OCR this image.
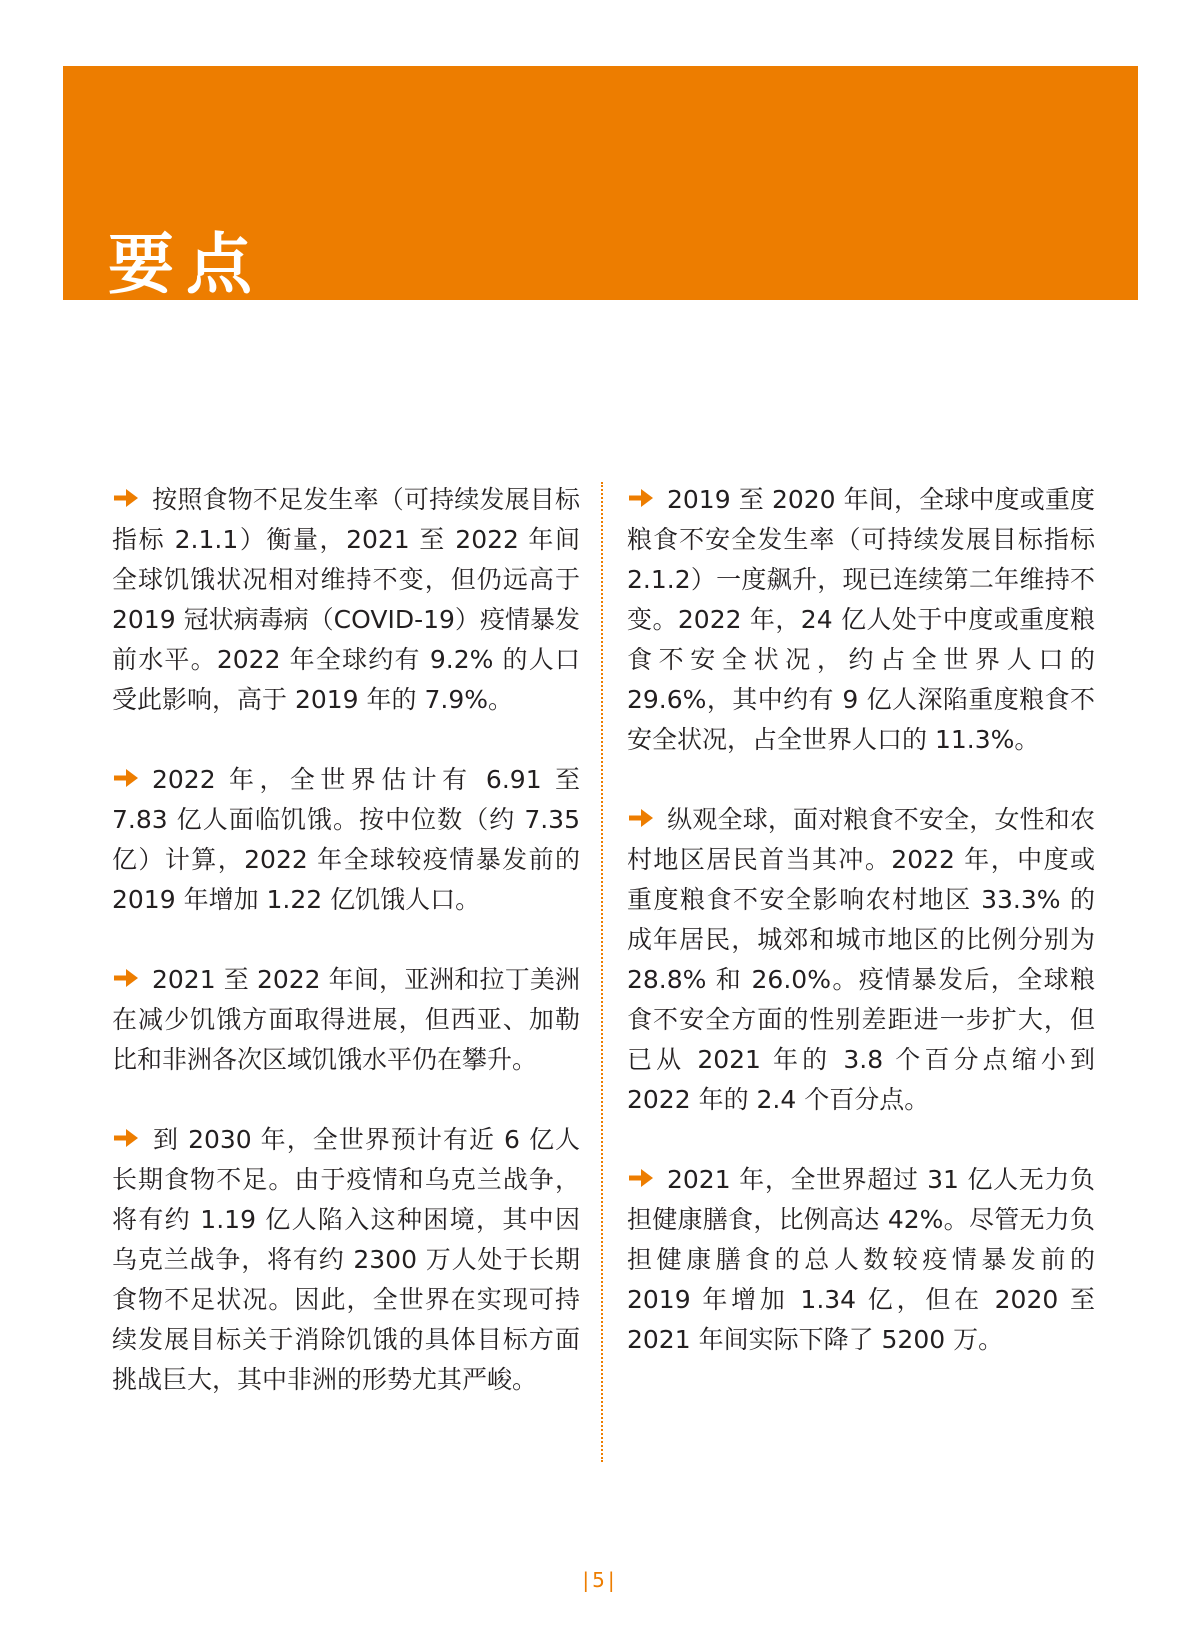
要点

按照食物不足发生率（可持续发展目标指标 2.1.1）衡量，2021 至 2022 年间全球饥饿状况相对维持不变，但仍远高于 2019 冠状病毒病（COVID-19）疫情暴发前水平。2022 年全球约有 9.2% 的人口受此影响，高于 2019 年的 7.9%。

2022 年，全世界估计有 6.91 至 7.83 亿人面临饥饿。按中位数（约 7.35 亿）计算，2022 年全球较疫情暴发前的 2019 年增加 1.22 亿饥饿人口。

2021 至 2022 年间，亚洲和拉丁美洲在减少饥饿方面取得进展，但西亚、加勒比和非洲各次区域饥饿水平仍在攀升。

到 2030 年，全世界预计有近 6 亿人长期食物不足。由于疫情和乌克兰战争，将有约 1.19 亿人陷入这种困境，其中因乌克兰战争，将有约 2300 万人处于长期食物不足状况。因此，全世界在实现可持续发展目标关于消除饥饿的具体目标方面挑战巨大，其中非洲的形势尤其严峻。

2019 至 2020 年间，全球中度或重度粮食不安全发生率（可持续发展目标指标 2.1.2）一度飙升，现已连续第二年维持不变。2022 年，24 亿人处于中度或重度粮食不安全状况，约占全世界人口的 29.6%，其中约有 9 亿人深陷重度粮食不安全状况，占全世界人口的 11.3%。

纵观全球，面对粮食不安全，女性和农村地区居民首当其冲。2022 年，中度或重度粮食不安全影响农村地区 33.3% 的成年居民，城郊和城市地区的比例分别为 28.8% 和 26.0%。疫情暴发后，全球粮食不安全方面的性别差距进一步扩大，但已从 2021 年的 3.8 个百分点缩小到 2022 年的 2.4 个百分点。

2021 年，全世界超过 31 亿人无力负担健康膳食，比例高达 42%。尽管无力负担健康膳食的总人数较疫情暴发前的 2019 年增加 1.34 亿，但在 2020 至 2021 年间实际下降了 5200 万。

|5|
